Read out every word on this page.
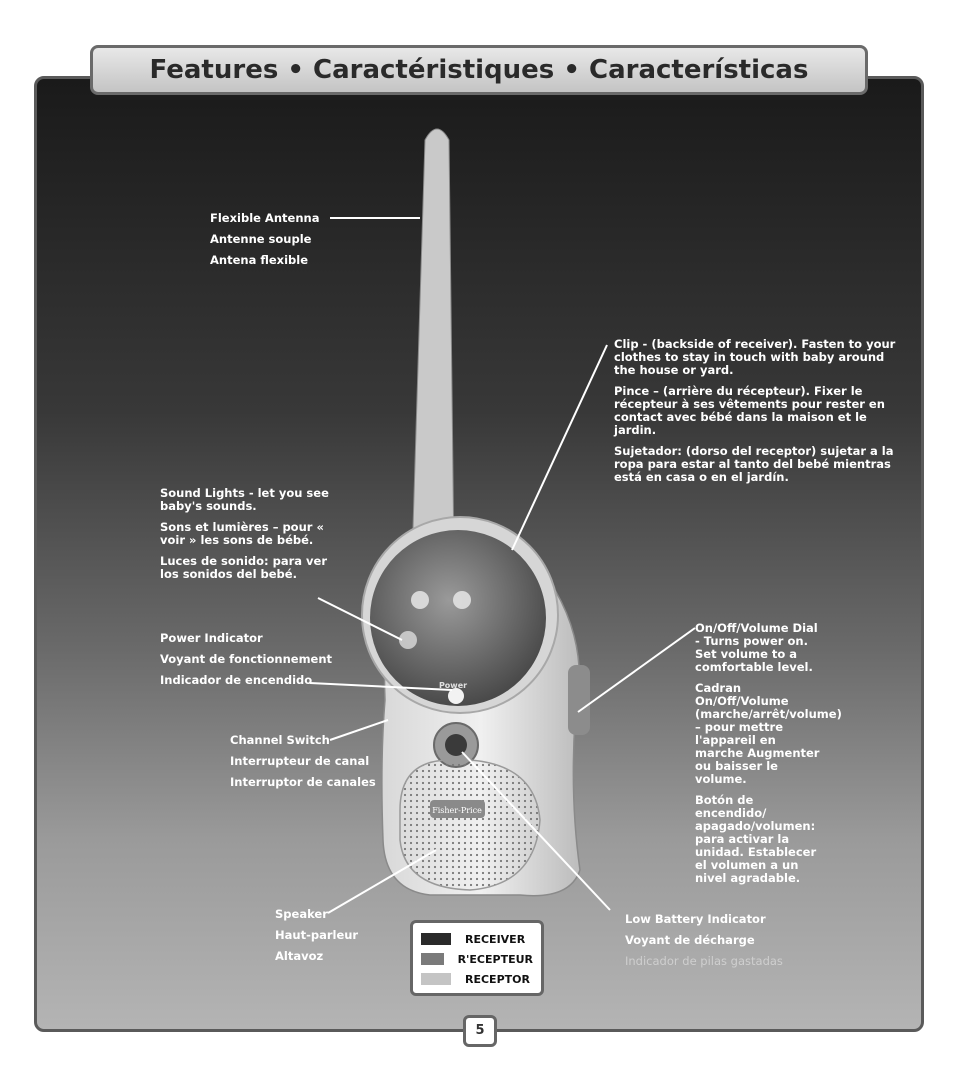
Features • Caractéristiques • Características
Power
Fisher-Price

Flexible Antenna

Antenne souple

Antena flexible

Clip - (backside of receiver). Fasten to your clothes to stay in touch with baby around the house or yard.

Pince – (arrière du récepteur). Fixer le récepteur à ses vêtements pour rester en contact avec bébé dans la maison et le jardin.

Sujetador: (dorso del receptor) sujetar a la ropa para estar al tanto del bebé mientras está en casa o en el jardín.

Sound Lights - let you see baby's sounds.

Sons et lumières – pour « voir » les sons de bébé.

Luces de sonido: para ver los sonidos del bebé.

Power Indicator

Voyant de fonctionnement

Indicador de encendido

On/Off/Volume Dial - Turns power on. Set volume to a comfortable level.

Cadran On/Off/Volume (marche/arrêt/volume) – pour mettre l'appareil en marche Augmenter ou baisser le volume.

Botón de encendido/ apagado/volumen: para activar la unidad. Establecer el volumen a un nivel agradable.

Channel Switch

Interrupteur de canal

Interruptor de canales

Speaker

Haut-parleur

Altavoz

Low Battery Indicator

Voyant de décharge

Indicador de pilas gastadas

RECEIVER
R'ECEPTEUR
RECEPTOR
5
